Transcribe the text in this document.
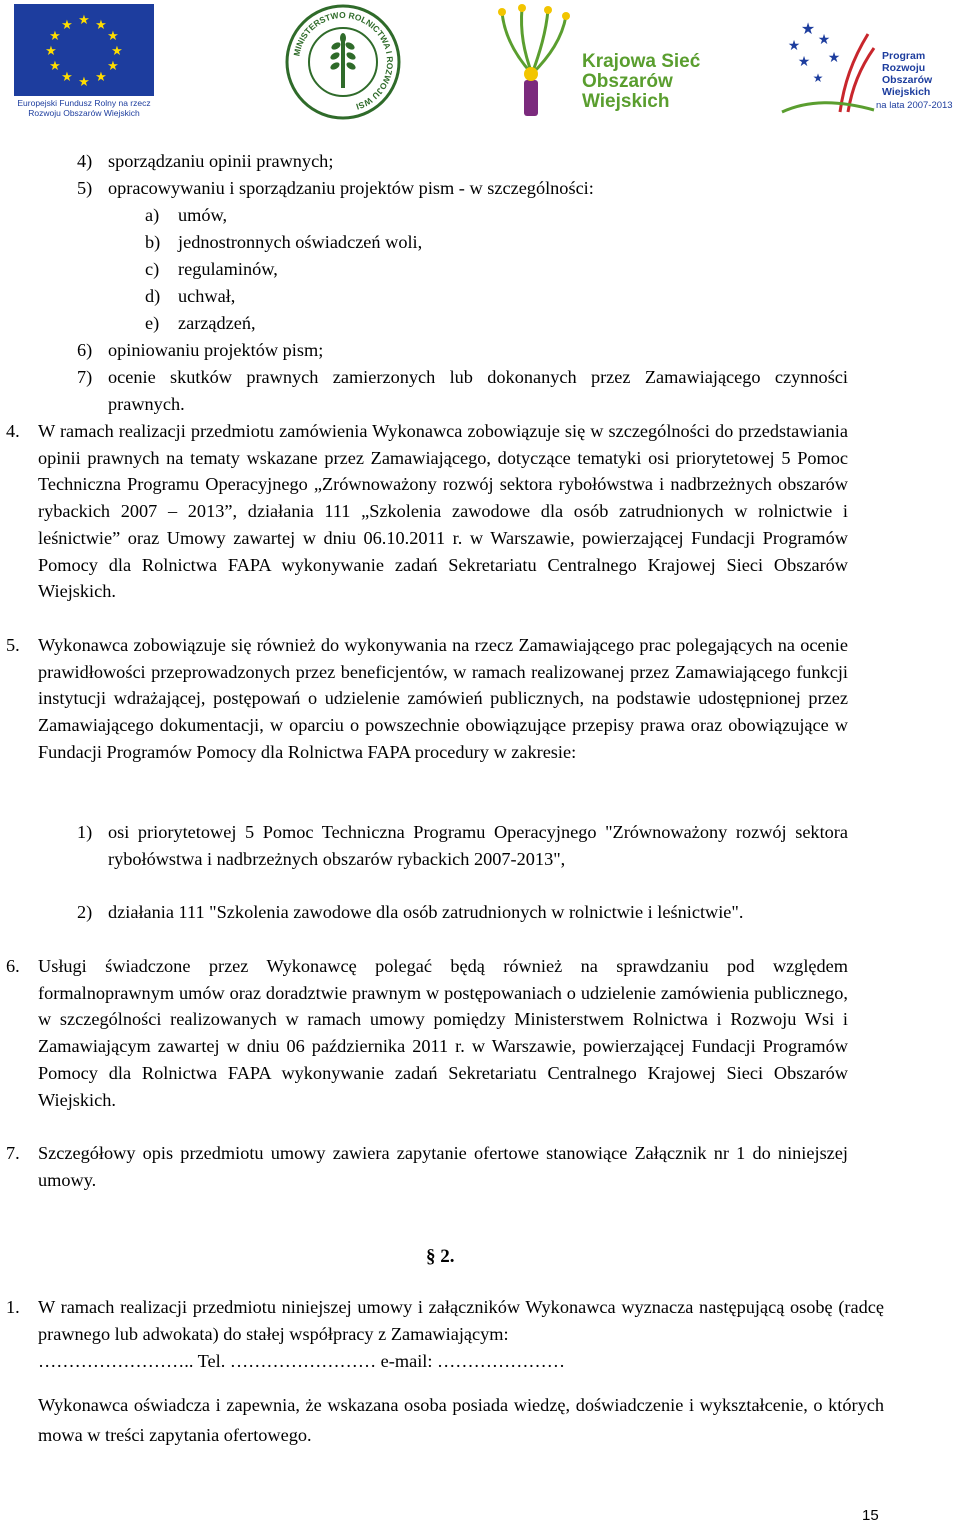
★ ★
★
★
★
★
★
★
★
★
★
★
Europejski Fundusz Rolny na rzecz Rozwoju Obszarów Wiejskich
MINISTERSTWO ROLNICTWA I ROZWOJU WSI
Krajowa Sieć
Obszarów Wiejskich
★
★ ★
★ ★
★
Program
Rozwoju
Obszarów
Wiejskich
na lata 2007-2013
4) sporządzaniu opinii prawnych;
5) opracowywaniu i sporządzaniu projektów pism - w szczególności:
a) umów,
b) jednostronnych oświadczeń woli,
c) regulaminów,
d) uchwał,
e) zarządzeń,
6) opiniowaniu projektów pism;
7) ocenie skutków prawnych zamierzonych lub dokonanych przez Zamawiającego czynności prawnych.
4. W ramach realizacji przedmiotu zamówienia Wykonawca zobowiązuje się w szczególności do przedstawiania opinii prawnych na tematy wskazane przez Zamawiającego, dotyczące tematyki osi priorytetowej 5 Pomoc Techniczna Programu Operacyjnego „Zrównoważony rozwój sektora rybołówstwa i nadbrzeżnych obszarów rybackich 2007 – 2013”, działania 111 „Szkolenia zawodowe dla osób zatrudnionych w rolnictwie i leśnictwie” oraz Umowy zawartej w dniu 06.10.2011 r. w Warszawie, powierzającej Fundacji Programów Pomocy dla Rolnictwa FAPA wykonywanie zadań Sekretariatu Centralnego Krajowej Sieci Obszarów Wiejskich.
5. Wykonawca zobowiązuje się również do wykonywania na rzecz Zamawiającego prac polegających na ocenie prawidłowości przeprowadzonych przez beneficjentów, w ramach realizowanej przez Zamawiającego funkcji instytucji wdrażającej, postępowań o udzielenie zamówień publicznych, na podstawie udostępnionej przez Zamawiającego dokumentacji, w oparciu o powszechnie obowiązujące przepisy prawa oraz obowiązujące w Fundacji Programów Pomocy dla Rolnictwa FAPA procedury w zakresie:
1) osi priorytetowej 5 Pomoc Techniczna Programu Operacyjnego "Zrównoważony rozwój sektora rybołówstwa i nadbrzeżnych obszarów rybackich 2007-2013",
2) działania 111 "Szkolenia zawodowe dla osób zatrudnionych w rolnictwie i leśnictwie".
6. Usługi świadczone przez Wykonawcę polegać będą również na sprawdzaniu pod względem formalnoprawnym umów oraz doradztwie prawnym w postępowaniach o udzielenie zamówienia publicznego, w szczególności realizowanych w ramach umowy pomiędzy Ministerstwem Rolnictwa i Rozwoju Wsi i Zamawiającym zawartej w dniu 06 października 2011 r. w Warszawie, powierzającej Fundacji Programów Pomocy dla Rolnictwa FAPA wykonywanie zadań Sekretariatu Centralnego Krajowej Sieci Obszarów Wiejskich.
7. Szczegółowy opis przedmiotu umowy zawiera zapytanie ofertowe stanowiące Załącznik nr 1 do niniejszej umowy.
§ 2.
1. W ramach realizacji przedmiotu niniejszej umowy i załączników Wykonawca wyznacza następującą osobę (radcę prawnego lub adwokata) do stałej współpracy z Zamawiającym:
…………………….. Tel. …………………… e-mail: …………………
Wykonawca oświadcza i zapewnia, że wskazana osoba posiada wiedzę, doświadczenie i wykształcenie, o których mowa w treści zapytania ofertowego.
15
